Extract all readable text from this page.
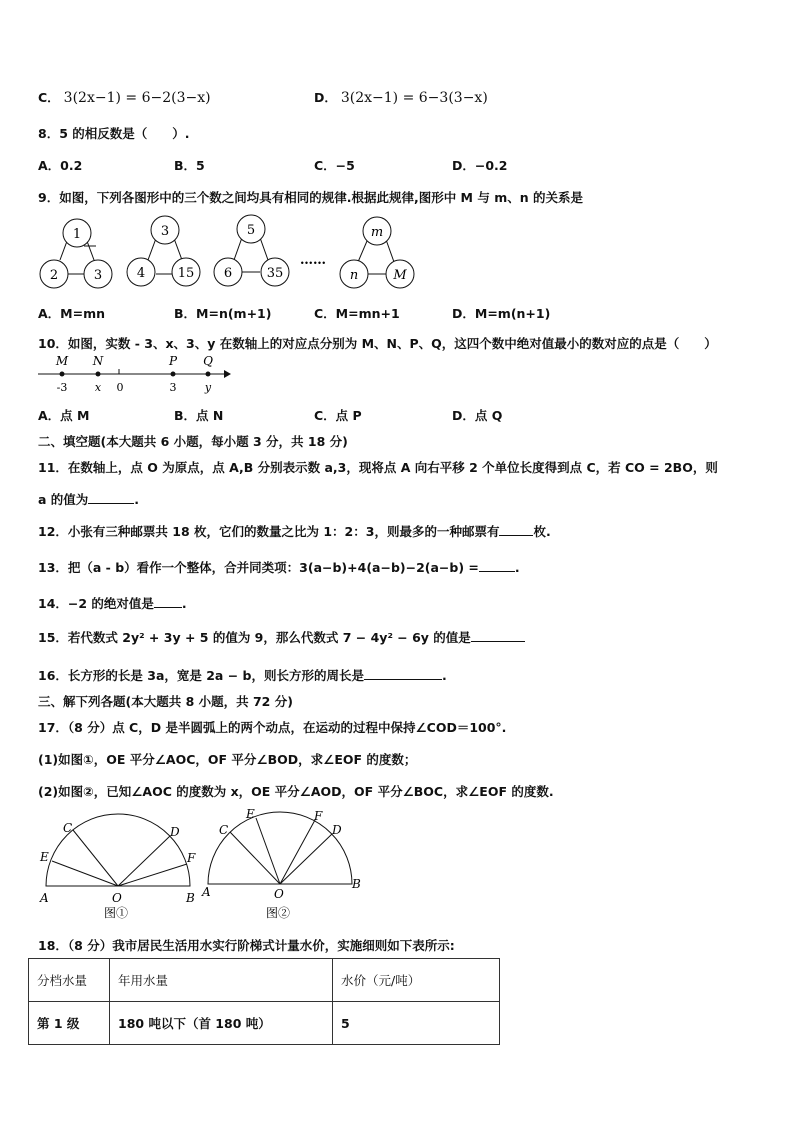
C． 3(2x−1) = 6−2(3−x)	D． 3(2x−1) = 6−3(3−x)
8．5 的相反数是（　　）.
A．0.2	B．5	C．−5	D．−0.2
9．如图，下列各图形中的三个数之间均具有相同的规律.根据此规律,图形中 M 与 m、n 的关系是
1
2	3
3
4	15
5
6	35
……
m
n	M
A．M=mn	B．M=n(m+1)	C．M=mn+1	D．M=m(n+1)
10．如图，实数 - 3、x、3、y 在数轴上的对应点分别为 M、N、P、Q，这四个数中绝对值最小的数对应的点是（　　）
M N	P Q
-3	x 0	3	y
A．点 M	B．点 N	C．点 P	D．点 Q
二、填空题(本大题共 6 小题，每小题 3 分，共 18 分)
11．在数轴上，点 O 为原点，点 A,B 分别表示数 a,3，现将点 A 向右平移 2 个单位长度得到点 C，若 CO = 2BO，则
a 的值为	.
12．小张有三种邮票共 18 枚，它们的数量之比为 1：2：3，则最多的一种邮票有	枚.
13．把（a - b）看作一个整体，合并同类项：3(a−b)+4(a−b)−2(a−b) =	.
14．−2 的绝对值是 .
15．若代数式 2y² + 3y + 5 的值为 9，那么代数式 7 − 4y² − 6y 的值是
16．长方形的长是 3a，宽是 2a − b，则长方形的周长是	.
三、解下列各题(本大题共 8 小题，共 72 分)
17．（8 分）点 C，D 是半圆弧上的两个动点，在运动的过程中保持∠COD＝100°.
(1)如图①，OE 平分∠AOC，OF 平分∠BOD，求∠EOF 的度数；
(2)如图②，已知∠AOC 的度数为 x，OE 平分∠AOD，OF 平分∠BOC，求∠EOF 的度数.
A	B
O
C	D
E	F
图①
A
B
O
C	D
E	F
图②
18．（8 分）我市居民生活用水实行阶梯式计量水价，实施细则如下表所示:
分档水量	年用水量	水价（元/吨）
第 1 级	180 吨以下（首 180 吨）	5
